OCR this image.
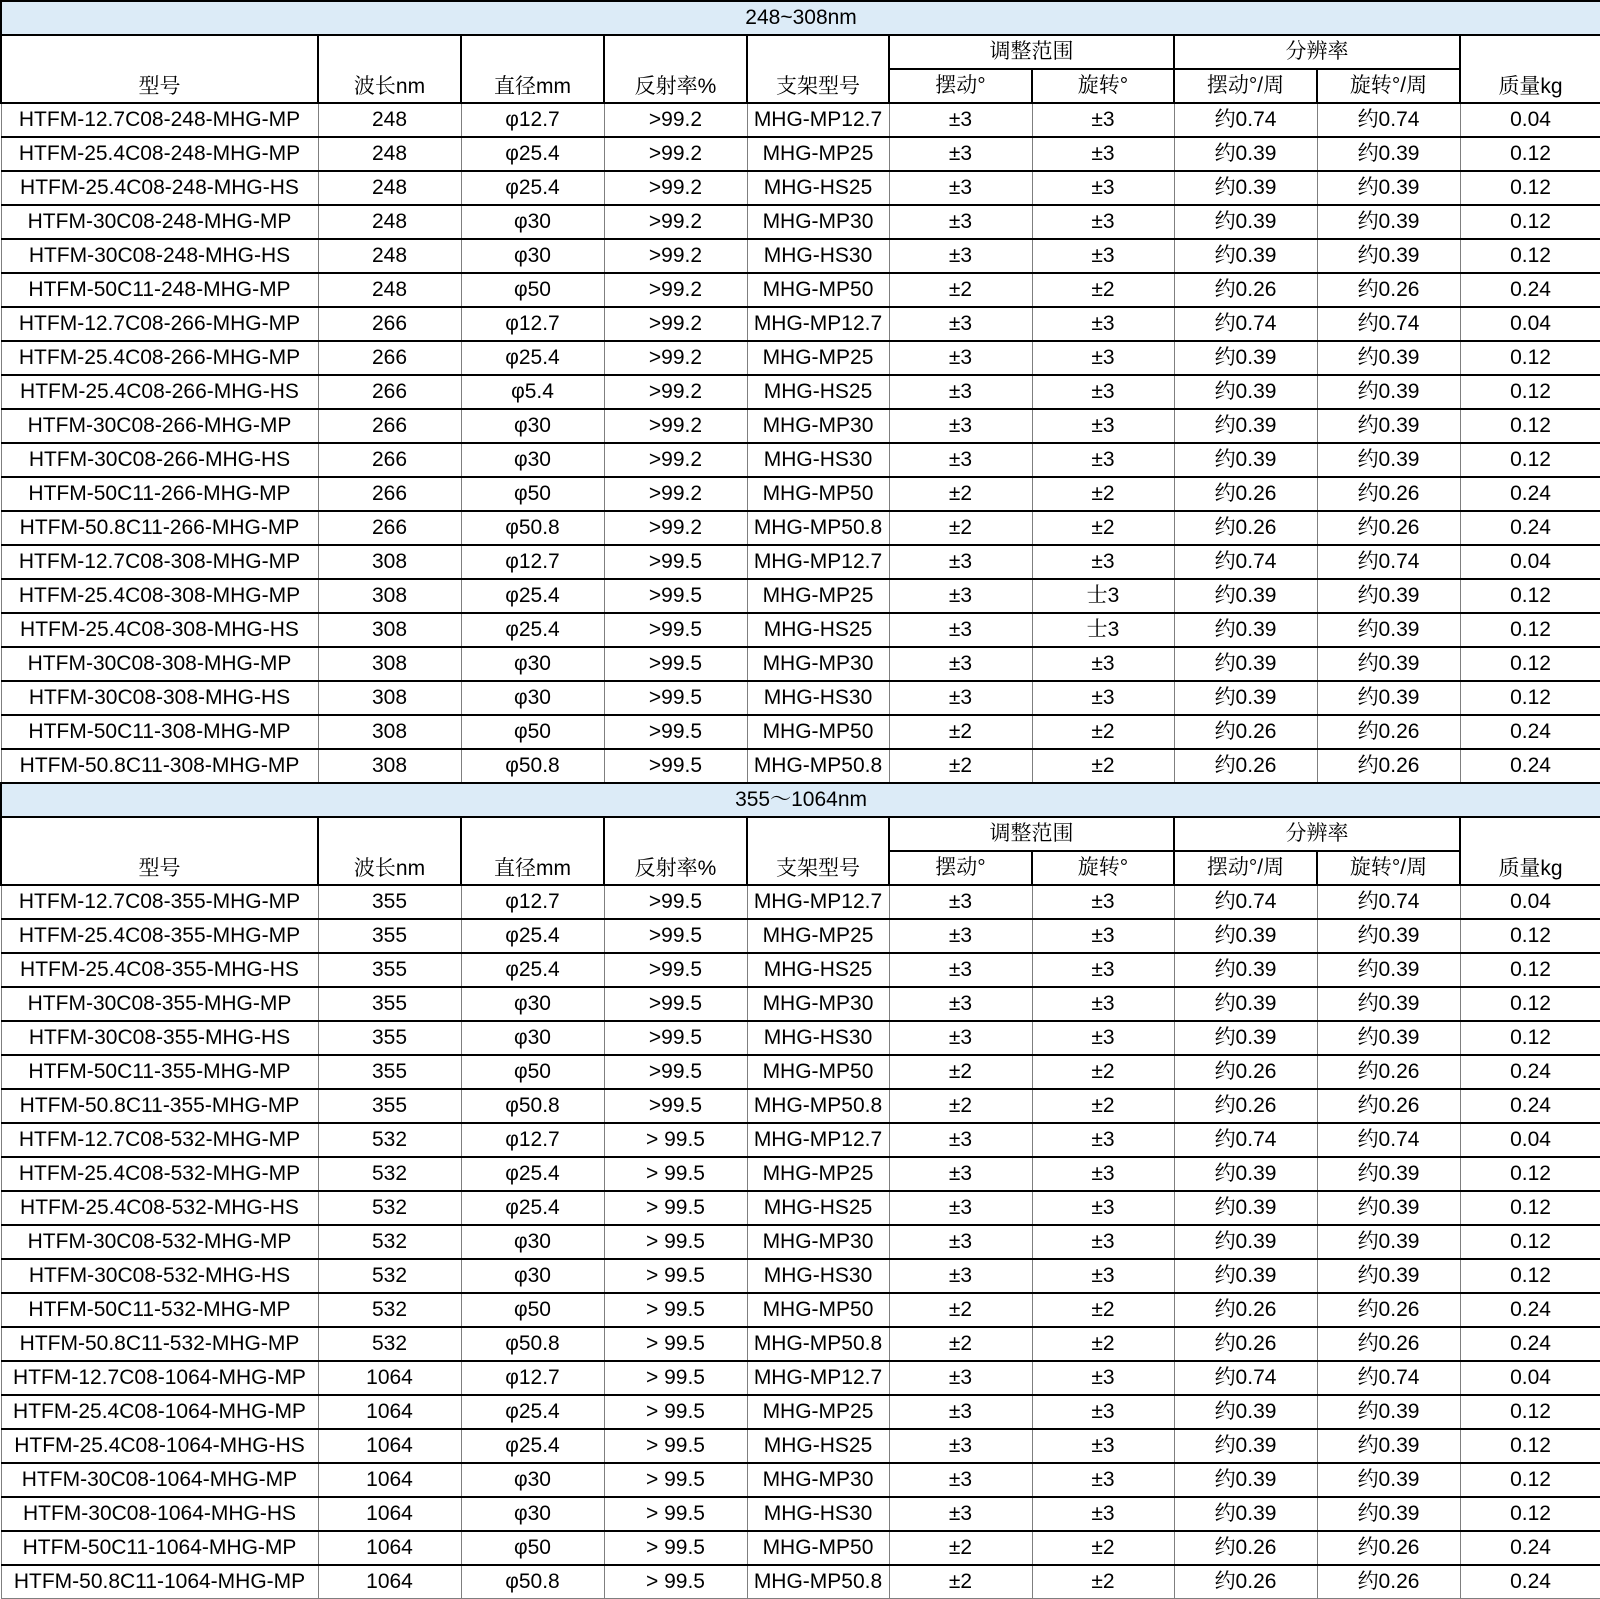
248~308nm									
型号	波长nm	直径mm	反射率%	支架型号	调整范围		分辨率		质量kg
					摆动°	旋转°	摆动°/周	旋转°/周	
HTFM-12.7C08-248-MHG-MP	248	φ12.7	>99.2	MHG-MP12.7	±3	±3	约0.74	约0.74	0.04
HTFM-25.4C08-248-MHG-MP	248	φ25.4	>99.2	MHG-MP25	±3	±3	约0.39	约0.39	0.12
HTFM-25.4C08-248-MHG-HS	248	φ25.4	>99.2	MHG-HS25	±3	±3	约0.39	约0.39	0.12
HTFM-30C08-248-MHG-MP	248	φ30	>99.2	MHG-MP30	±3	±3	约0.39	约0.39	0.12
HTFM-30C08-248-MHG-HS	248	φ30	>99.2	MHG-HS30	±3	±3	约0.39	约0.39	0.12
HTFM-50C11-248-MHG-MP	248	φ50	>99.2	MHG-MP50	±2	±2	约0.26	约0.26	0.24
HTFM-12.7C08-266-MHG-MP	266	φ12.7	>99.2	MHG-MP12.7	±3	±3	约0.74	约0.74	0.04
HTFM-25.4C08-266-MHG-MP	266	φ25.4	>99.2	MHG-MP25	±3	±3	约0.39	约0.39	0.12
HTFM-25.4C08-266-MHG-HS	266	φ5.4	>99.2	MHG-HS25	±3	±3	约0.39	约0.39	0.12
HTFM-30C08-266-MHG-MP	266	φ30	>99.2	MHG-MP30	±3	±3	约0.39	约0.39	0.12
HTFM-30C08-266-MHG-HS	266	φ30	>99.2	MHG-HS30	±3	±3	约0.39	约0.39	0.12
HTFM-50C11-266-MHG-MP	266	φ50	>99.2	MHG-MP50	±2	±2	约0.26	约0.26	0.24
HTFM-50.8C11-266-MHG-MP	266	φ50.8	>99.2	MHG-MP50.8	±2	±2	约0.26	约0.26	0.24
HTFM-12.7C08-308-MHG-MP	308	φ12.7	>99.5	MHG-MP12.7	±3	±3	约0.74	约0.74	0.04
HTFM-25.4C08-308-MHG-MP	308	φ25.4	>99.5	MHG-MP25	±3	士3	约0.39	约0.39	0.12
HTFM-25.4C08-308-MHG-HS	308	φ25.4	>99.5	MHG-HS25	±3	士3	约0.39	约0.39	0.12
HTFM-30C08-308-MHG-MP	308	φ30	>99.5	MHG-MP30	±3	±3	约0.39	约0.39	0.12
HTFM-30C08-308-MHG-HS	308	φ30	>99.5	MHG-HS30	±3	±3	约0.39	约0.39	0.12
HTFM-50C11-308-MHG-MP	308	φ50	>99.5	MHG-MP50	±2	±2	约0.26	约0.26	0.24
HTFM-50.8C11-308-MHG-MP	308	φ50.8	>99.5	MHG-MP50.8	±2	±2	约0.26	约0.26	0.24
355～1064nm									
型号	波长nm	直径mm	反射率%	支架型号	调整范围		分辨率		质量kg
					摆动°	旋转°	摆动°/周	旋转°/周	
HTFM-12.7C08-355-MHG-MP	355	φ12.7	>99.5	MHG-MP12.7	±3	±3	约0.74	约0.74	0.04
HTFM-25.4C08-355-MHG-MP	355	φ25.4	>99.5	MHG-MP25	±3	±3	约0.39	约0.39	0.12
HTFM-25.4C08-355-MHG-HS	355	φ25.4	>99.5	MHG-HS25	±3	±3	约0.39	约0.39	0.12
HTFM-30C08-355-MHG-MP	355	φ30	>99.5	MHG-MP30	±3	±3	约0.39	约0.39	0.12
HTFM-30C08-355-MHG-HS	355	φ30	>99.5	MHG-HS30	±3	±3	约0.39	约0.39	0.12
HTFM-50C11-355-MHG-MP	355	φ50	>99.5	MHG-MP50	±2	±2	约0.26	约0.26	0.24
HTFM-50.8C11-355-MHG-MP	355	φ50.8	>99.5	MHG-MP50.8	±2	±2	约0.26	约0.26	0.24
HTFM-12.7C08-532-MHG-MP	532	φ12.7	> 99.5	MHG-MP12.7	±3	±3	约0.74	约0.74	0.04
HTFM-25.4C08-532-MHG-MP	532	φ25.4	> 99.5	MHG-MP25	±3	±3	约0.39	约0.39	0.12
HTFM-25.4C08-532-MHG-HS	532	φ25.4	> 99.5	MHG-HS25	±3	±3	约0.39	约0.39	0.12
HTFM-30C08-532-MHG-MP	532	φ30	> 99.5	MHG-MP30	±3	±3	约0.39	约0.39	0.12
HTFM-30C08-532-MHG-HS	532	φ30	> 99.5	MHG-HS30	±3	±3	约0.39	约0.39	0.12
HTFM-50C11-532-MHG-MP	532	φ50	> 99.5	MHG-MP50	±2	±2	约0.26	约0.26	0.24
HTFM-50.8C11-532-MHG-MP	532	φ50.8	> 99.5	MHG-MP50.8	±2	±2	约0.26	约0.26	0.24
HTFM-12.7C08-1064-MHG-MP	1064	φ12.7	> 99.5	MHG-MP12.7	±3	±3	约0.74	约0.74	0.04
HTFM-25.4C08-1064-MHG-MP	1064	φ25.4	> 99.5	MHG-MP25	±3	±3	约0.39	约0.39	0.12
HTFM-25.4C08-1064-MHG-HS	1064	φ25.4	> 99.5	MHG-HS25	±3	±3	约0.39	约0.39	0.12
HTFM-30C08-1064-MHG-MP	1064	φ30	> 99.5	MHG-MP30	±3	±3	约0.39	约0.39	0.12
HTFM-30C08-1064-MHG-HS	1064	φ30	> 99.5	MHG-HS30	±3	±3	约0.39	约0.39	0.12
HTFM-50C11-1064-MHG-MP	1064	φ50	> 99.5	MHG-MP50	±2	±2	约0.26	约0.26	0.24
HTFM-50.8C11-1064-MHG-MP	1064	φ50.8	> 99.5	MHG-MP50.8	±2	±2	约0.26	约0.26	0.24
